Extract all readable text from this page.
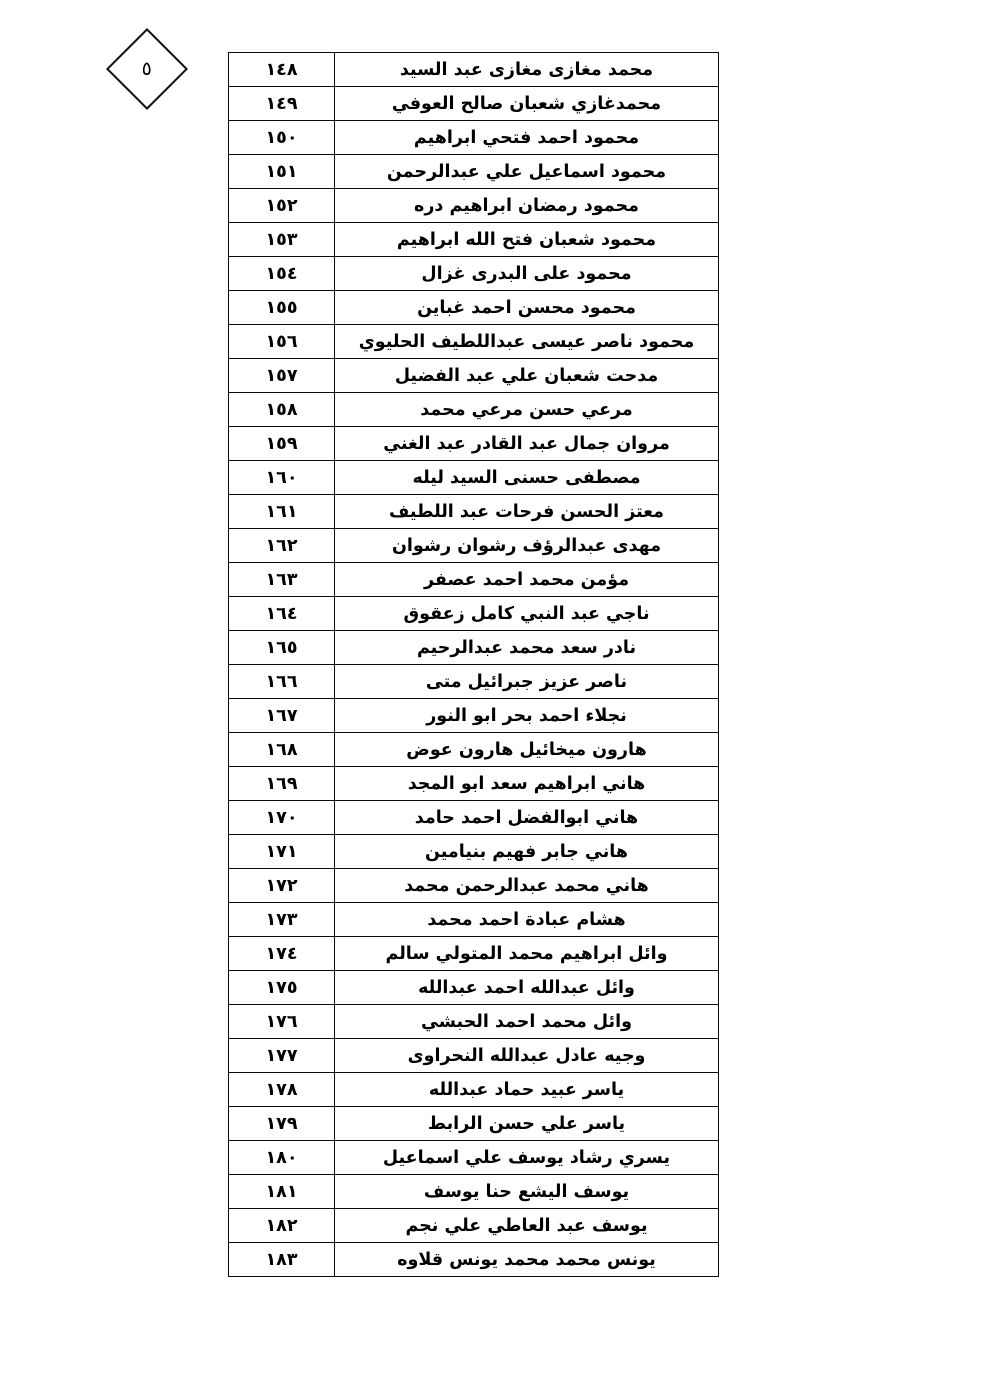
٥	محمد مغازى مغازى عبد السيد	١٤٨
محمدغازي شعبان صالح العوفي	١٤٩
محمود احمد فتحي ابراهيم	١٥٠
محمود اسماعيل علي عبدالرحمن	١٥١
محمود رمضان ابراهيم دره	١٥٢
محمود شعبان فتح الله ابراهيم	١٥٣
محمود على البدرى غزال	١٥٤
محمود محسن احمد غباين	١٥٥
محمود ناصر عيسى عبداللطيف الحليوي	١٥٦
مدحت شعبان علي عبد الفضيل	١٥٧
مرعي حسن مرعي محمد	١٥٨
مروان جمال عبد القادر عبد الغني	١٥٩
مصطفى حسنى السيد ليله	١٦٠
معتز الحسن فرحات عبد اللطيف	١٦١
مهدى عبدالرؤف رشوان رشوان	١٦٢
مؤمن محمد احمد عصفر	١٦٣
ناجي عبد النبي كامل زعقوق	١٦٤
نادر سعد محمد عبدالرحيم	١٦٥
ناصر عزيز جبرائيل متى	١٦٦
نجلاء احمد بحر ابو النور	١٦٧
هارون ميخائيل هارون عوض	١٦٨
هاني ابراهيم سعد ابو المجد	١٦٩
هاني ابوالفضل احمد حامد	١٧٠
هاني جابر فهيم بنيامين	١٧١
هاني محمد عبدالرحمن محمد	١٧٢
هشام عبادة احمد محمد	١٧٣
وائل ابراهيم محمد المتولي سالم	١٧٤
وائل عبدالله احمد عبدالله	١٧٥
وائل محمد احمد الحبشي	١٧٦
وجيه عادل عبدالله النحراوى	١٧٧
ياسر عبيد حماد عبدالله	١٧٨
ياسر علي حسن الرابط	١٧٩
يسري رشاد يوسف علي اسماعيل	١٨٠
يوسف اليشع حنا يوسف	١٨١
يوسف عبد العاطي علي نجم	١٨٢
يونس محمد محمد يونس قلاوه	١٨٣
